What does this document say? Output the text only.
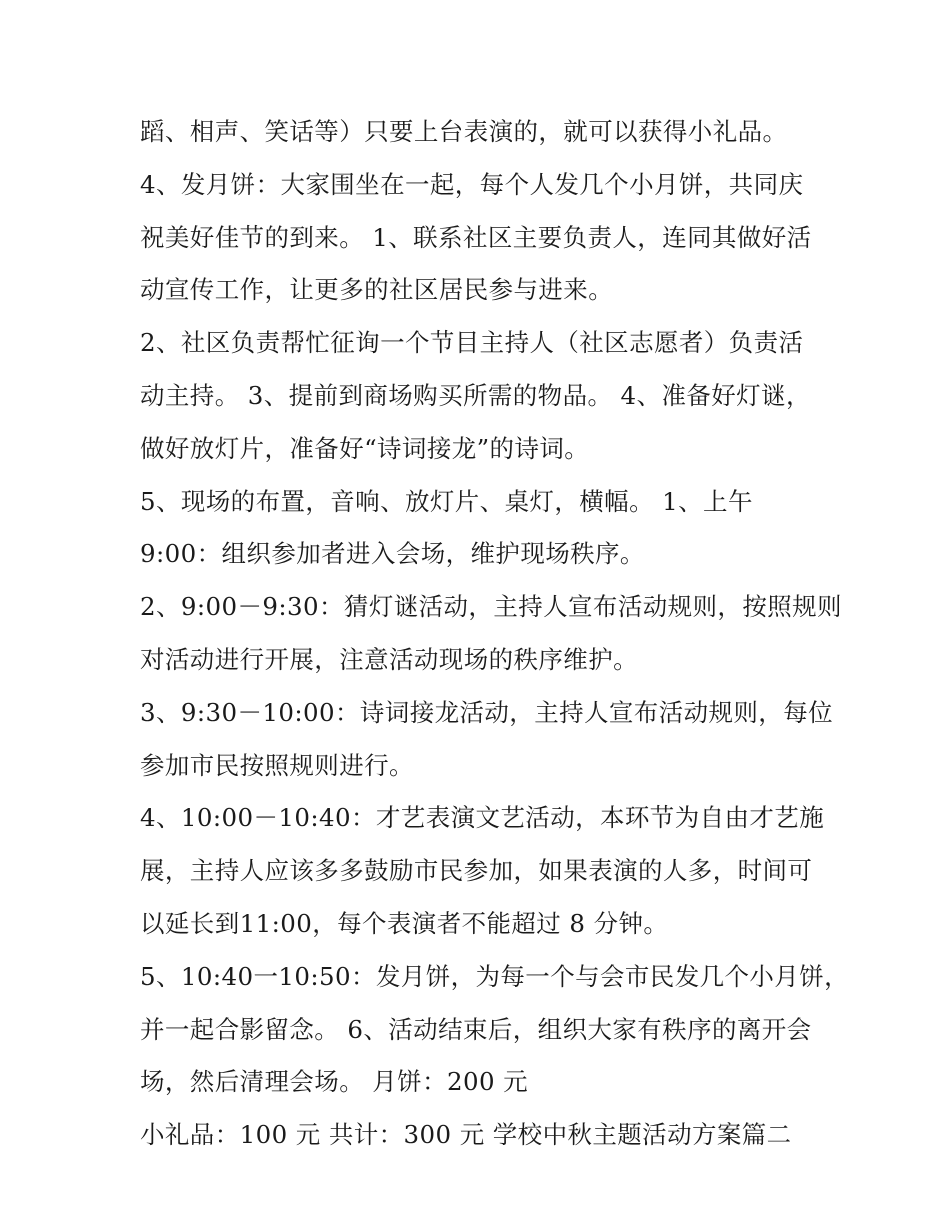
蹈、相声、笑话等）只要上台表演的，就可以获得小礼品。
4、发月饼：大家围坐在一起，每个人发几个小月饼，共同庆
祝美好佳节的到来。 1、联系社区主要负责人，连同其做好活
动宣传工作，让更多的社区居民参与进来。
2、社区负责帮忙征询一个节目主持人（社区志愿者）负责活
动主持。 3、提前到商场购买所需的物品。 4、准备好灯谜，
做好放灯片，准备好“诗词接龙”的诗词。
5、现场的布置，音响、放灯片、桌灯，横幅。 1、上午
9:00：组织参加者进入会场，维护现场秩序。
2、9:00－9:30：猜灯谜活动，主持人宣布活动规则，按照规则
对活动进行开展，注意活动现场的秩序维护。
3、9:30－10:00：诗词接龙活动，主持人宣布活动规则，每位
参加市民按照规则进行。
4、10:00－10:40：才艺表演文艺活动，本环节为自由才艺施
展，主持人应该多多鼓励市民参加，如果表演的人多，时间可
以延长到11:00，每个表演者不能超过 8 分钟。
5、10:40一10:50：发月饼，为每一个与会市民发几个小月饼，
并一起合影留念。 6、活动结束后，组织大家有秩序的离开会
场，然后清理会场。 月饼：200 元
小礼品：100 元 共计：300 元 学校中秋主题活动方案篇二
